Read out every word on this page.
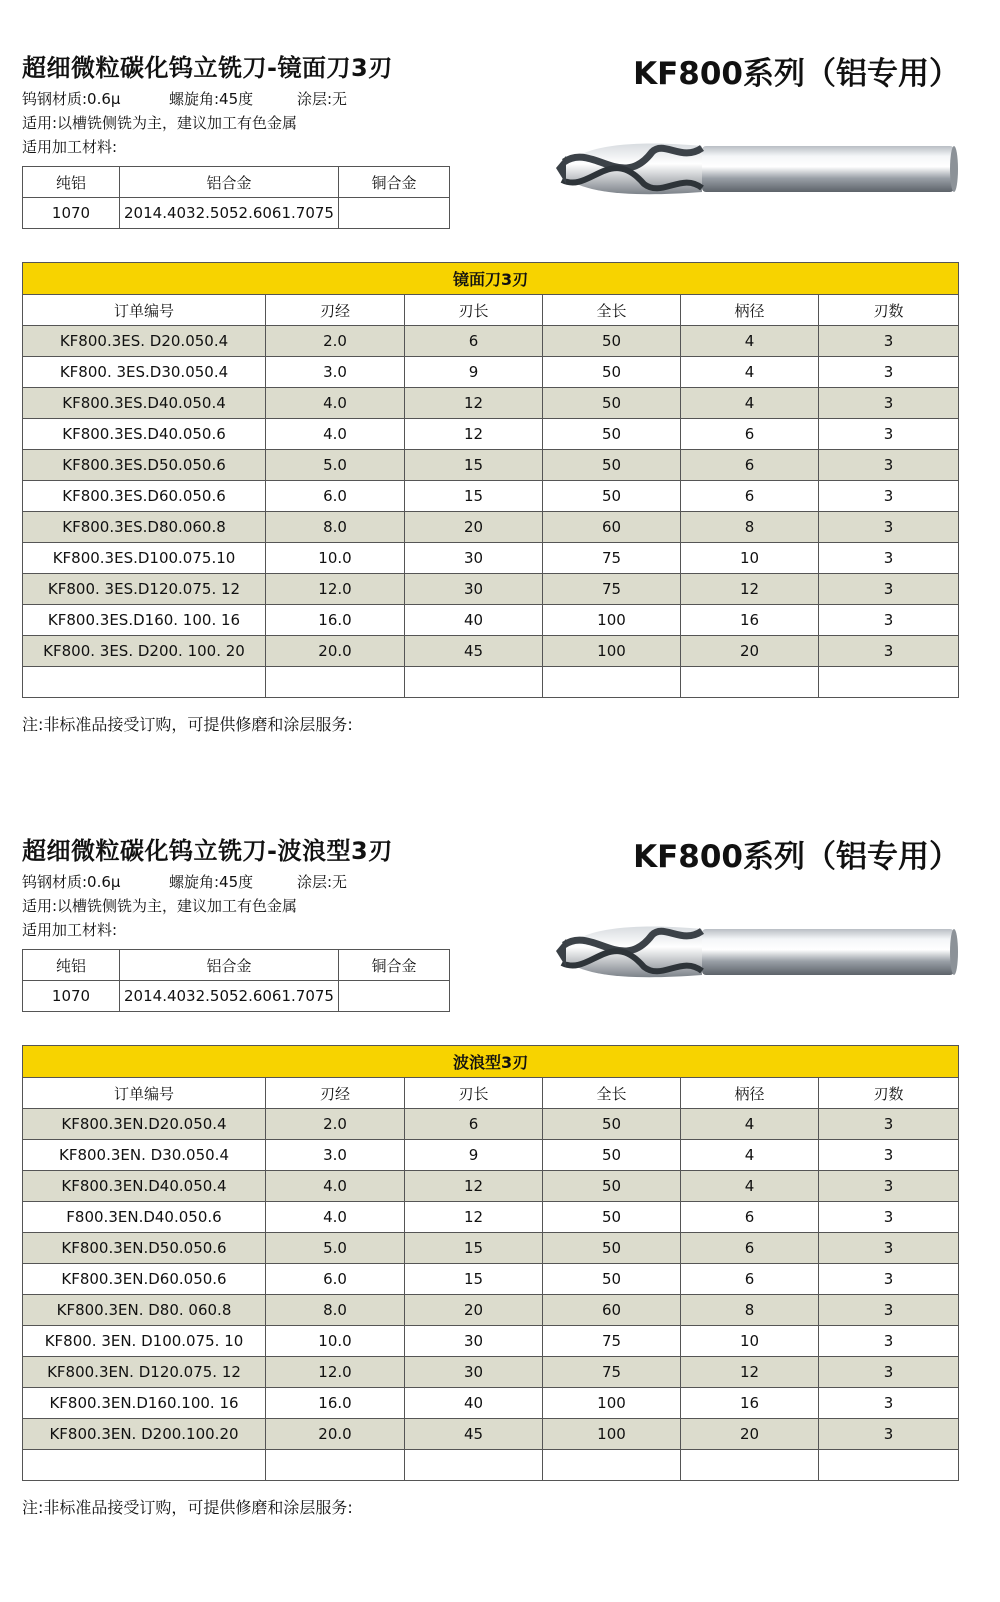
超细微粒碳化钨立铣刀-镜面刀3刃	KF800系列（铝专用）
钨钢材质:0.6μ	螺旋角:45度	涂层:无
适用:以槽铣侧铣为主，建议加工有色金属
适用加工材料:
纯铝	铝合金	铜合金
1070	2014.4032.5052.6061.7075	
镜面刀3刃					
订单编号	刃经	刃长	全长	柄径	刃数
KF800.3ES. D20.050.4	2.0	6	50	4	3
KF800. 3ES.D30.050.4	3.0	9	50	4	3
KF800.3ES.D40.050.4	4.0	12	50	4	3
KF800.3ES.D40.050.6	4.0	12	50	6	3
KF800.3ES.D50.050.6	5.0	15	50	6	3
KF800.3ES.D60.050.6	6.0	15	50	6	3
KF800.3ES.D80.060.8	8.0	20	60	8	3
KF800.3ES.D100.075.10	10.0	30	75	10	3
KF800. 3ES.D120.075. 12	12.0	30	75	12	3
KF800.3ES.D160. 100. 16	16.0	40	100	16	3
KF800. 3ES. D200. 100. 20	20.0	45	100	20	3

注:非标准品接受订购，可提供修磨和涂层服务:
超细微粒碳化钨立铣刀-波浪型3刃	KF800系列（铝专用）
钨钢材质:0.6μ	螺旋角:45度	涂层:无
适用:以槽铣侧铣为主，建议加工有色金属
适用加工材料:
纯铝	铝合金	铜合金
1070	2014.4032.5052.6061.7075	
波浪型3刃					
订单编号	刃经	刃长	全长	柄径	刃数
KF800.3EN.D20.050.4	2.0	6	50	4	3
KF800.3EN. D30.050.4	3.0	9	50	4	3
KF800.3EN.D40.050.4	4.0	12	50	4	3
F800.3EN.D40.050.6	4.0	12	50	6	3
KF800.3EN.D50.050.6	5.0	15	50	6	3
KF800.3EN.D60.050.6	6.0	15	50	6	3
KF800.3EN. D80. 060.8	8.0	20	60	8	3
KF800. 3EN. D100.075. 10	10.0	30	75	10	3
KF800.3EN. D120.075. 12	12.0	30	75	12	3
KF800.3EN.D160.100. 16	16.0	40	100	16	3
KF800.3EN. D200.100.20	20.0	45	100	20	3

注:非标准品接受订购，可提供修磨和涂层服务:
